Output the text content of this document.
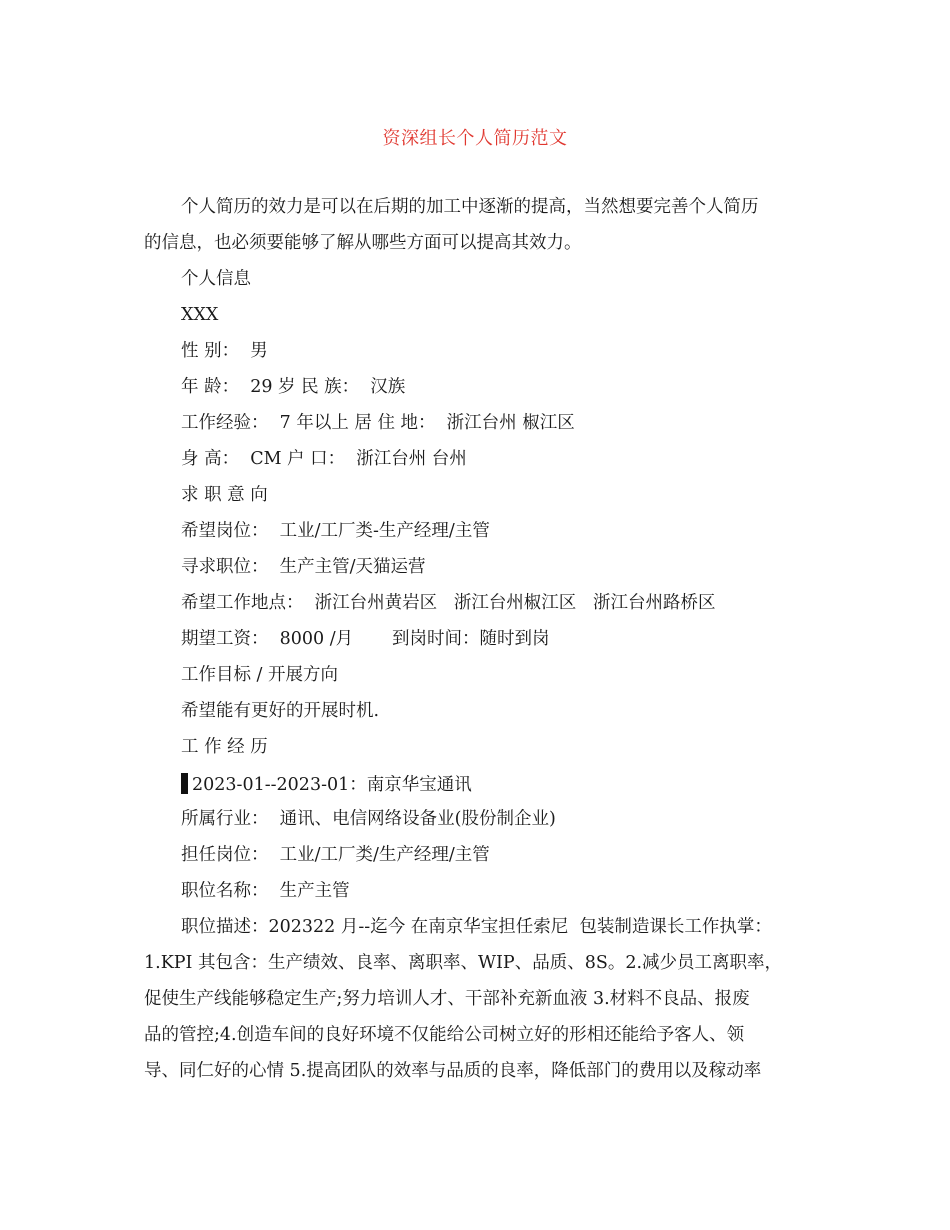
资深组长个人简历范文
个人简历的效力是可以在后期的加工中逐渐的提高，当然想要完善个人简历
的信息，也必须要能够了解从哪些方面可以提高其效力。
个人信息
XXX
性 别：  男
年 龄：  29 岁 民 族：  汉族
工作经验：  7 年以上 居 住 地：  浙江台州 椒江区
身 高：  CM 户 口：  浙江台州 台州
求 职 意 向
希望岗位：  工业/工厂类-生产经理/主管
寻求职位：  生产主管/天猫运营
希望工作地点：  浙江台州黄岩区   浙江台州椒江区   浙江台州路桥区
期望工资：  8000 /月       到岗时间：随时到岗
工作目标 / 开展方向
希望能有更好的开展时机.
工 作 经 历
2023-01--2023-01：南京华宝通讯
所属行业：  通讯、电信网络设备业(股份制企业)
担任岗位：  工业/工厂类/生产经理/主管
职位名称：  生产主管
职位描述：202322 月--迄今 在南京华宝担任索尼  包装制造课长工作执掌：
1.KPI 其包含：生产绩效、良率、离职率、WIP、品质、8S。2.减少员工离职率，
促使生产线能够稳定生产;努力培训人才、干部补充新血液 3.材料不良品、报废
品的管控;4.创造车间的良好环境不仅能给公司树立好的形相还能给予客人、领
导、同仁好的心情 5.提高团队的效率与品质的良率，降低部门的费用以及稼动率
